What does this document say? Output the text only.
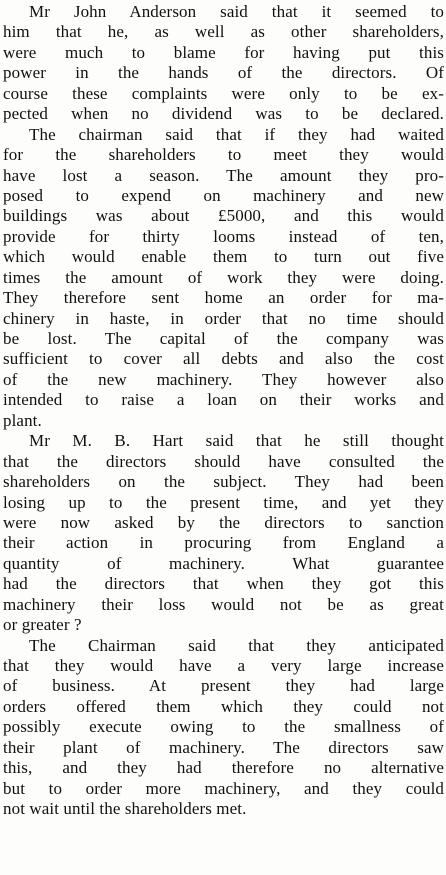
Mr John Anderson said that it seemed to
him that he, as well as other shareholders,
were much to blame for having put this
power in the hands of the directors. Of
course these complaints were only to be ex-
pected when no dividend was to be declared.
The chairman said that if they had waited
for the shareholders to meet they would
have lost a season. The amount they pro-
posed to expend on machinery and new
buildings was about £5000, and this would
provide for thirty looms instead of ten,
which would enable them to turn out five
times the amount of work they were doing.
They therefore sent home an order for ma-
chinery in haste, in order that no time should
be lost. The capital of the company was
sufficient to cover all debts and also the cost
of the new machinery. They however also
intended to raise a loan on their works and
plant.
Mr M. B. Hart said that he still thought
that the directors should have consulted the
shareholders on the subject. They had been
losing up to the present time, and yet they
were now asked by the directors to sanction
their action in procuring from England a
quantity of machinery. What guarantee
had the directors that when they got this
machinery their loss would not be as great
or greater ?
The Chairman said that they anticipated
that they would have a very large increase
of business. At present they had large
orders offered them which they could not
possibly execute owing to the smallness of
their plant of machinery. The directors saw
this, and they had therefore no alternative
but to order more machinery, and they could
not wait until the shareholders met.
